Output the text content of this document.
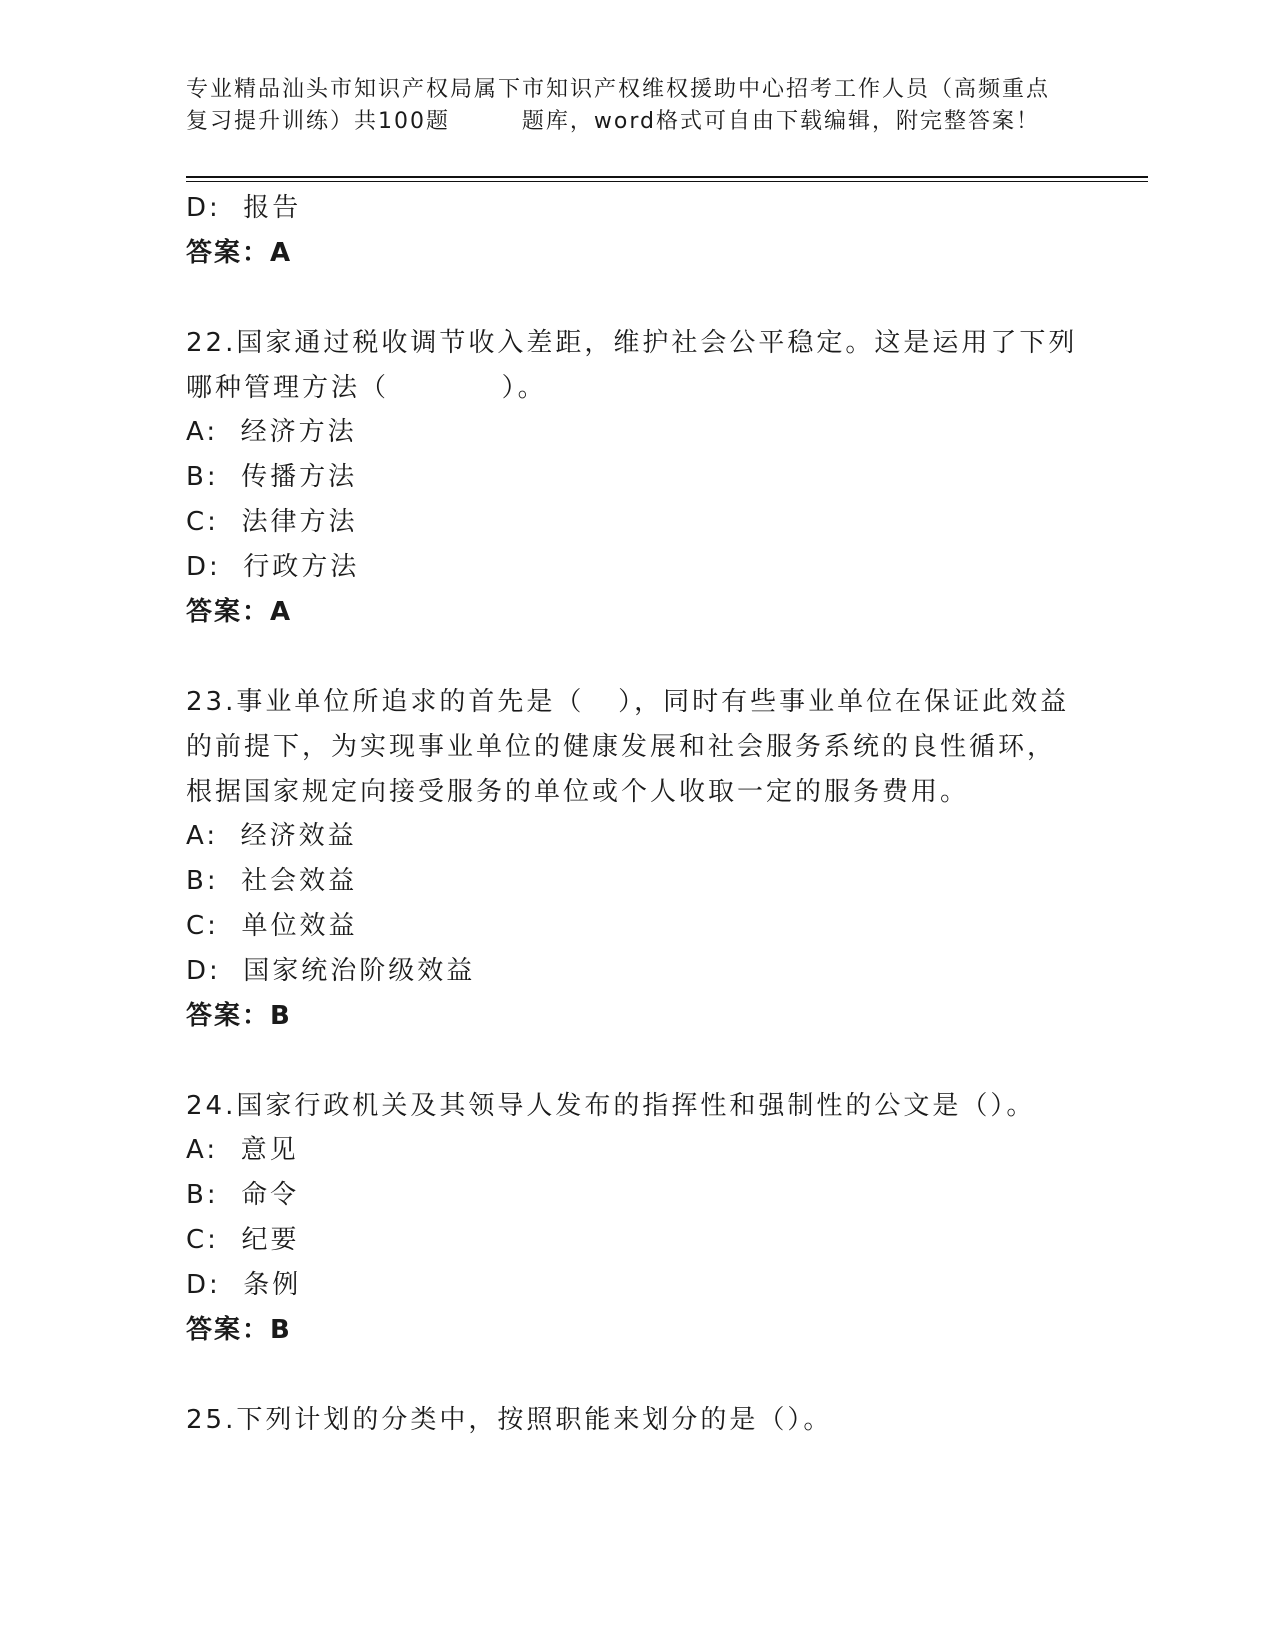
专业精品汕头市知识产权局属下市知识产权维权援助中心招考工作人员（高频重点
复习提升训练）共100题        题库，word格式可自由下载编辑，附完整答案！
D:  报告
答案：A
22.国家通过税收调节收入差距，维护社会公平稳定。这是运用了下列
哪种管理方法（          ）。
A:  经济方法
B:  传播方法
C:  法律方法
D:  行政方法
答案：A
23.事业单位所追求的首先是（   ），同时有些事业单位在保证此效益
的前提下，为实现事业单位的健康发展和社会服务系统的良性循环，
根据国家规定向接受服务的单位或个人收取一定的服务费用。
A:  经济效益
B:  社会效益
C:  单位效益
D:  国家统治阶级效益
答案：B
24.国家行政机关及其领导人发布的指挥性和强制性的公文是（）。
A:  意见
B:  命令
C:  纪要
D:  条例
答案：B
25.下列计划的分类中，按照职能来划分的是（）。
